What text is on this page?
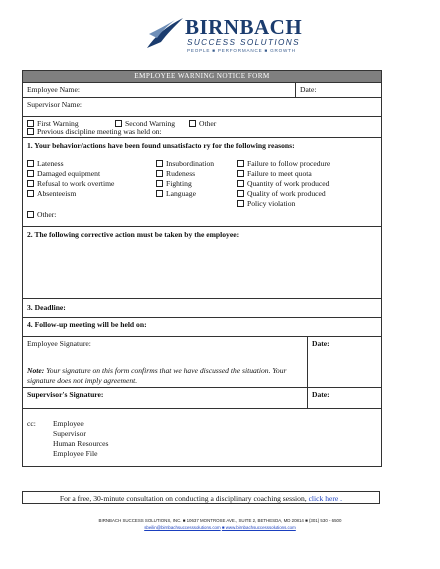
BIRNBACH
SUCCESS SOLUTIONS
PEOPLE ■ PERFORMANCE ■ GROWTH
EMPLOYEE WARNING NOTICE FORM
Employee Name:	Date:
Supervisor Name:
First Warning	Second Warning	Other
Previous discipline meeting was held on:
1. Your behavior/actions have been found unsatisfacto ry for the following reasons:
Lateness
Damaged equipment
Refusal to work overtime
Absenteeism
Insubordination
Rudeness
Fighting
Language
Failure to follow procedure
Failure to meet quota
Quantity of work produced
Quality of work produced
Policy violation
Other:
2. The following corrective action must be taken by the employee:
3. Deadline:
4. Follow-up meeting will be held on:
Employee Signature:
Note: Your signature on this form confirms that we have discussed the situation. Your signature does not imply agreement.
Date:
Supervisor's Signature:	Date:
cc: Employee
Supervisor
Human Resources
Employee File
For a free, 30-minute consultation on conducting a disciplinary coaching session, click here .
BIRNBACH SUCCESS SOLUTIONS, INC. ■ 10637 MONTROSE AVE., SUITE 2, BETHESDA, MD 20814 ■ (301) 530 - 6500
sbeilin@birnbachsuccesssolutions.com ■ www.birnbachsuccesssolutions.com
